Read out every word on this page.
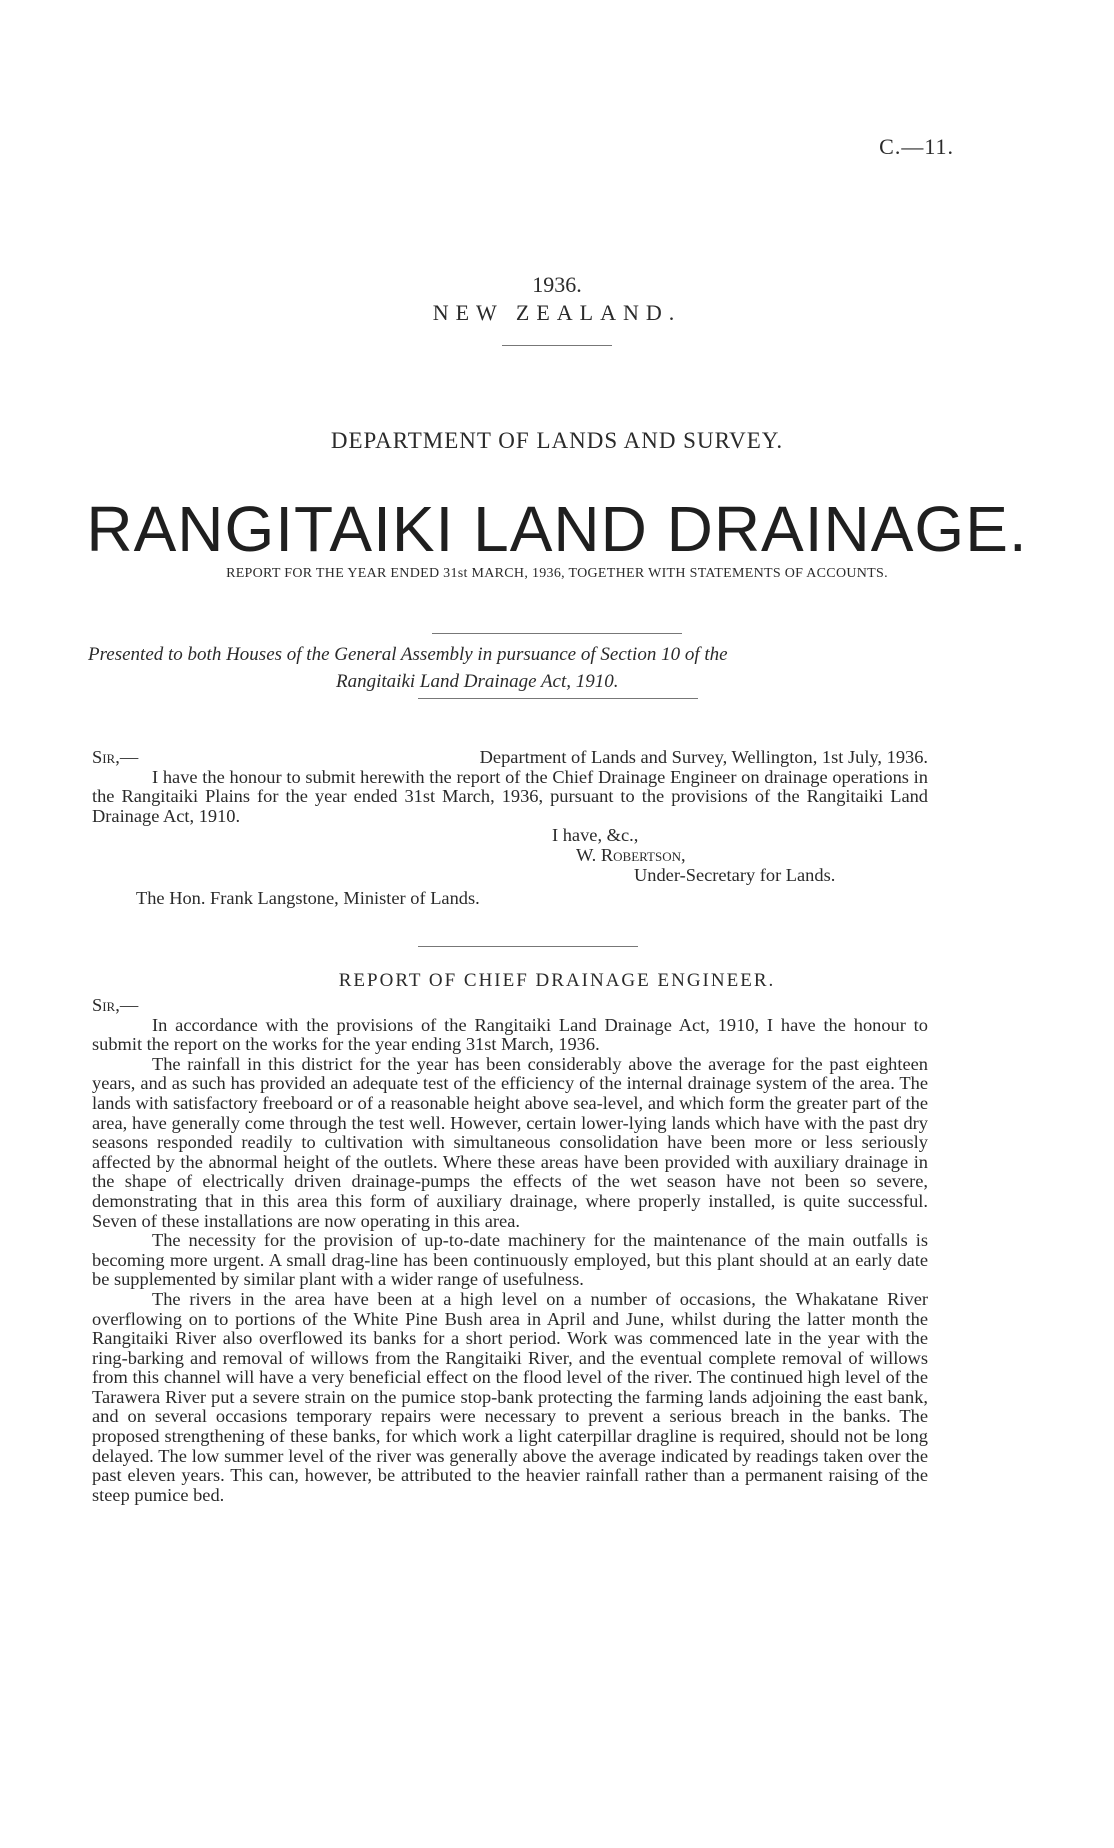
C.—11.
1936.
NEW ZEALAND.
DEPARTMENT OF LANDS AND SURVEY.
RANGITAIKI LAND DRAINAGE.
REPORT FOR THE YEAR ENDED 31st MARCH, 1936, TOGETHER WITH STATEMENTS OF ACCOUNTS.
Presented to both Houses of the General Assembly in pursuance of Section 10 of the
Rangitaiki Land Drainage Act, 1910.
Sir,—	Department of Lands and Survey, Wellington, 1st July, 1936.

I have the honour to submit herewith the report of the Chief Drainage Engineer on drainage operations in the Rangitaiki Plains for the year ended 31st March, 1936, pursuant to the provisions of the Rangitaiki Land Drainage Act, 1910.

I have, &c.,
W. Robertson,
Under-Secretary for Lands.
The Hon. Frank Langstone, Minister of Lands.
REPORT OF CHIEF DRAINAGE ENGINEER.
Sir,—

In accordance with the provisions of the Rangitaiki Land Drainage Act, 1910, I have the honour to submit the report on the works for the year ending 31st March, 1936.

The rainfall in this district for the year has been considerably above the average for the past eighteen years, and as such has provided an adequate test of the efficiency of the internal drainage system of the area. The lands with satisfactory freeboard or of a reasonable height above sea-level, and which form the greater part of the area, have generally come through the test well. However, certain lower-lying lands which have with the past dry seasons responded readily to cultivation with simultaneous consolidation have been more or less seriously affected by the abnormal height of the outlets. Where these areas have been provided with auxiliary drainage in the shape of electrically driven drainage-pumps the effects of the wet season have not been so severe, demonstrating that in this area this form of auxiliary drainage, where properly installed, is quite successful. Seven of these installations are now operating in this area.

The necessity for the provision of up-to-date machinery for the maintenance of the main outfalls is becoming more urgent. A small drag-line has been continuously employed, but this plant should at an early date be supplemented by similar plant with a wider range of usefulness.

The rivers in the area have been at a high level on a number of occasions, the Whakatane River overflowing on to portions of the White Pine Bush area in April and June, whilst during the latter month the Rangitaiki River also overflowed its banks for a short period. Work was commenced late in the year with the ring-barking and removal of willows from the Rangitaiki River, and the eventual complete removal of willows from this channel will have a very beneficial effect on the flood level of the river. The continued high level of the Tarawera River put a severe strain on the pumice stop-bank protecting the farming lands adjoining the east bank, and on several occasions temporary repairs were necessary to prevent a serious breach in the banks. The proposed strengthening of these banks, for which work a light caterpillar dragline is required, should not be long delayed. The low summer level of the river was generally above the average indicated by readings taken over the past eleven years. This can, however, be attributed to the heavier rainfall rather than a permanent raising of the steep pumice bed.
